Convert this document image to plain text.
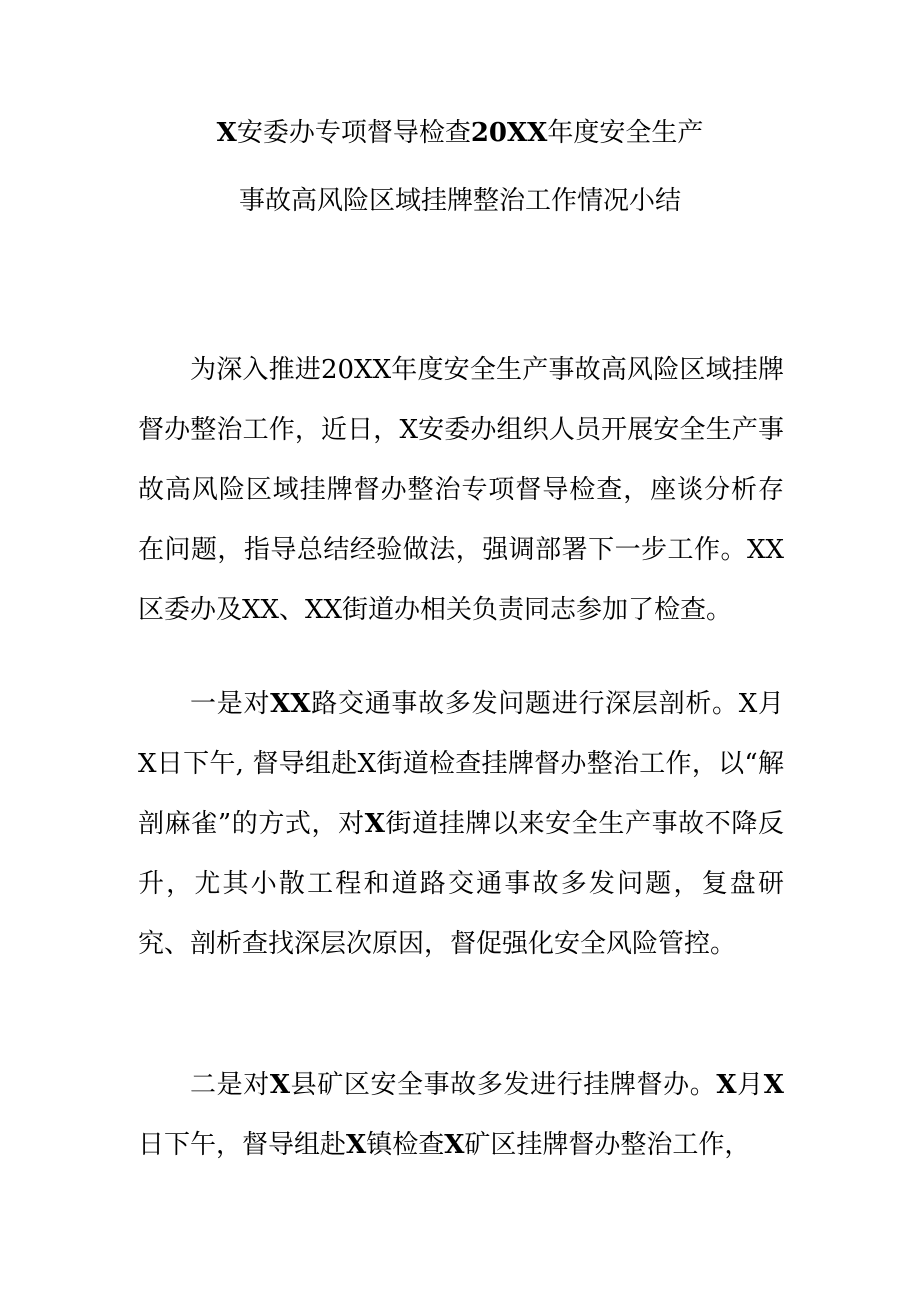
X安委办专项督导检查20XX年度安全生产
事故高风险区域挂牌整治工作情况小结

为深入推进20XX年度安全生产事故高风险区域挂牌督办整治工作，近日，X安委办组织人员开展安全生产事故高风险区域挂牌督办整治专项督导检查，座谈分析存在问题，指导总结经验做法，强调部署下一步工作。XX区委办及XX、XX街道办相关负责同志参加了检查。

一是对XX路交通事故多发问题进行深层剖析。X月X日下午, 督导组赴X街道检查挂牌督办整治工作，以“解剖麻雀”的方式，对X街道挂牌以来安全生产事故不降反升，尤其小散工程和道路交通事故多发问题，复盘研究、剖析查找深层次原因，督促强化安全风险管控。

二是对X县矿区安全事故多发进行挂牌督办。X月X日下午，督导组赴X镇检查X矿区挂牌督办整治工作，
